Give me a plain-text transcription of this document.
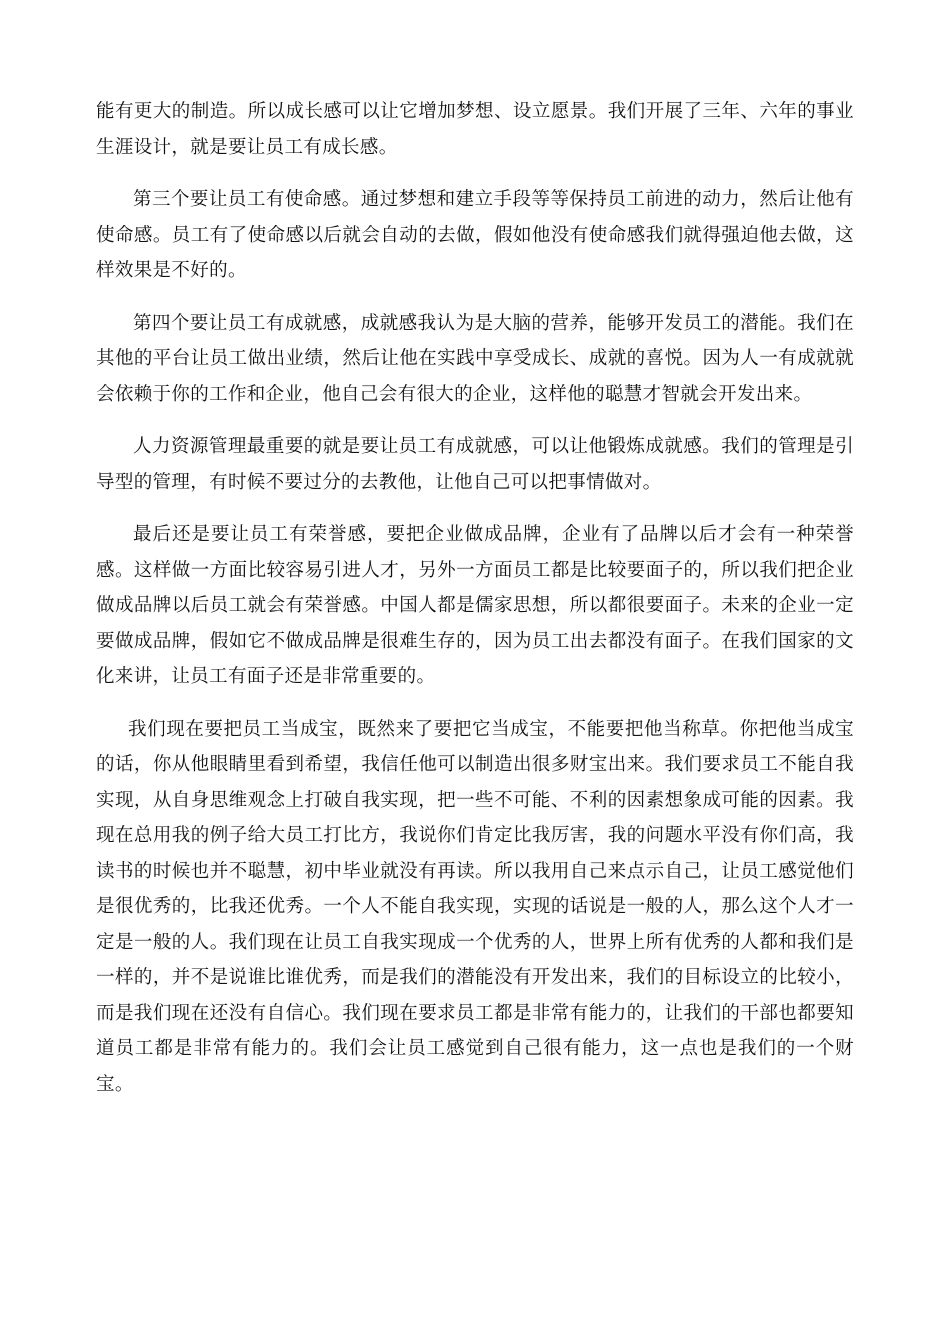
能有更大的制造。所以成长感可以让它增加梦想、设立愿景。我们开展了三年、六年的事业生涯设计，就是要让员工有成长感。

第三个要让员工有使命感。通过梦想和建立手段等等保持员工前进的动力，然后让他有使命感。员工有了使命感以后就会自动的去做，假如他没有使命感我们就得强迫他去做，这样效果是不好的。

第四个要让员工有成就感，成就感我认为是大脑的营养，能够开发员工的潜能。我们在其他的平台让员工做出业绩，然后让他在实践中享受成长、成就的喜悦。因为人一有成就就会依赖于你的工作和企业，他自己会有很大的企业，这样他的聪慧才智就会开发出来。

人力资源管理最重要的就是要让员工有成就感，可以让他锻炼成就感。我们的管理是引导型的管理，有时候不要过分的去教他，让他自己可以把事情做对。

最后还是要让员工有荣誉感，要把企业做成品牌，企业有了品牌以后才会有一种荣誉感。这样做一方面比较容易引进人才，另外一方面员工都是比较要面子的，所以我们把企业做成品牌以后员工就会有荣誉感。中国人都是儒家思想，所以都很要面子。未来的企业一定要做成品牌，假如它不做成品牌是很难生存的，因为员工出去都没有面子。在我们国家的文化来讲，让员工有面子还是非常重要的。

我们现在要把员工当成宝，既然来了要把它当成宝，不能要把他当称草。你把他当成宝的话，你从他眼睛里看到希望，我信任他可以制造出很多财宝出来。我们要求员工不能自我实现，从自身思维观念上打破自我实现，把一些不可能、不利的因素想象成可能的因素。我现在总用我的例子给大员工打比方，我说你们肯定比我厉害，我的问题水平没有你们高，我读书的时候也并不聪慧，初中毕业就没有再读。所以我用自己来点示自己，让员工感觉他们是很优秀的，比我还优秀。一个人不能自我实现，实现的话说是一般的人，那么这个人才一定是一般的人。我们现在让员工自我实现成一个优秀的人，世界上所有优秀的人都和我们是一样的，并不是说谁比谁优秀，而是我们的潜能没有开发出来，我们的目标设立的比较小，而是我们现在还没有自信心。我们现在要求员工都是非常有能力的，让我们的干部也都要知道员工都是非常有能力的。我们会让员工感觉到自己很有能力，这一点也是我们的一个财宝。
